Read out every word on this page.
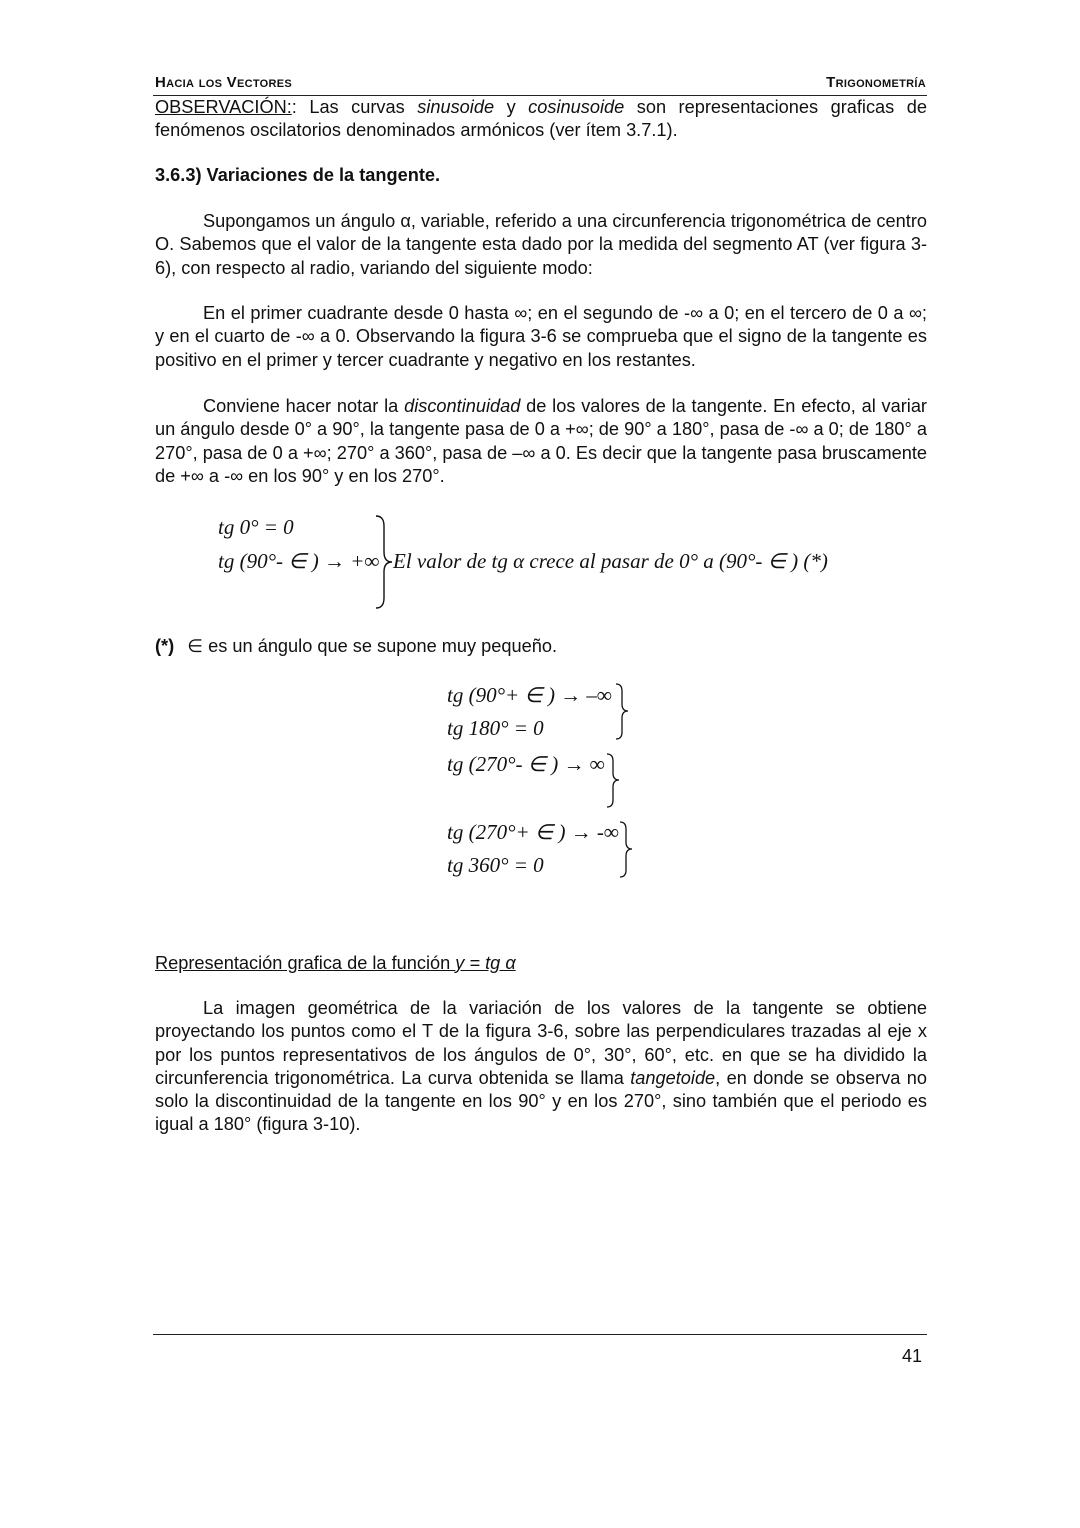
Hacia los Vectores	Trigonometría
OBSERVACIÓN:: Las curvas sinusoide y cosinusoide son representaciones graficas de fenómenos oscilatorios denominados armónicos (ver ítem 3.7.1).
3.6.3) Variaciones de la tangente.
Supongamos un ángulo α, variable, referido a una circunferencia trigonométrica de centro O. Sabemos que el valor de la tangente esta dado por la medida del segmento AT (ver figura 3-6), con respecto al radio, variando del siguiente modo:
En el primer cuadrante desde 0 hasta ∞; en el segundo de -∞ a 0; en el tercero de 0 a ∞; y en el cuarto de -∞ a 0. Observando la figura 3-6 se comprueba que el signo de la tangente es positivo en el primer y tercer cuadrante y negativo en los restantes.
Conviene hacer notar la discontinuidad de los valores de la tangente. En efecto, al variar un ángulo desde 0° a 90°, la tangente pasa de 0 a +∞; de 90° a 180°, pasa de -∞ a 0; de 180° a 270°, pasa de 0 a +∞; 270° a 360°, pasa de –∞ a 0. Es decir que la tangente pasa bruscamente de +∞ a -∞ en los 90° y en los 270°.
tg 0° = 0
tg (90°- ∈ ) → +∞ El valor de tg α crece al pasar de 0° a (90°- ∈ ) (*)
(*) ∈ es un ángulo que se supone muy pequeño.
tg (90°+ ∈ ) → –∞
tg 180° = 0
tg (270°- ∈ ) → ∞
tg (270°+ ∈ ) → -∞
tg 360° = 0
Representación grafica de la función y = tg α
La imagen geométrica de la variación de los valores de la tangente se obtiene proyectando los puntos como el T de la figura 3-6, sobre las perpendiculares trazadas al eje x por los puntos representativos de los ángulos de 0°, 30°, 60°, etc. en que se ha dividido la circunferencia trigonométrica. La curva obtenida se llama tangetoide, en donde se observa no solo la discontinuidad de la tangente en los 90° y en los 270°, sino también que el periodo es igual a 180° (figura 3-10).
41
